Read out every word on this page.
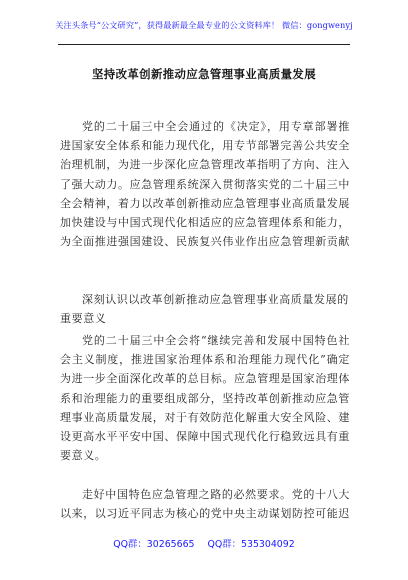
关注头条号“公文研究”，获得最新最全最专业的公文资料库！ 微信：gongwenyj
坚持改革创新推动应急管理事业高质量发展
党的二十届三中全会通过的《决定》，用专章部署推进国家安全体系和能力现代化，用专节部署完善公共安全治理机制，为进一步深化应急管理改革指明了方向、注入了强大动力。应急管理系统深入贯彻落实党的二十届三中全会精神，着力以改革创新推动应急管理事业高质量发展加快建设与中国式现代化相适应的应急管理体系和能力，为全面推进强国建设、民族复兴伟业作出应急管理新贡献
深刻认识以改革创新推动应急管理事业高质量发展的重要意义
党的二十届三中全会将“继续完善和发展中国特色社会主义制度，推进国家治理体系和治理能力现代化”确定为进一步全面深化改革的总目标。应急管理是国家治理体系和治理能力的重要组成部分，坚持改革创新推动应急管理事业高质量发展，对于有效防范化解重大安全风险、建设更高水平平安中国、保障中国式现代化行稳致远具有重要意义。
走好中国特色应急管理之路的必然要求。党的十八大以来，以习近平同志为核心的党中央主动谋划防控可能迟
QQ群：30265665 QQ群：535304092
